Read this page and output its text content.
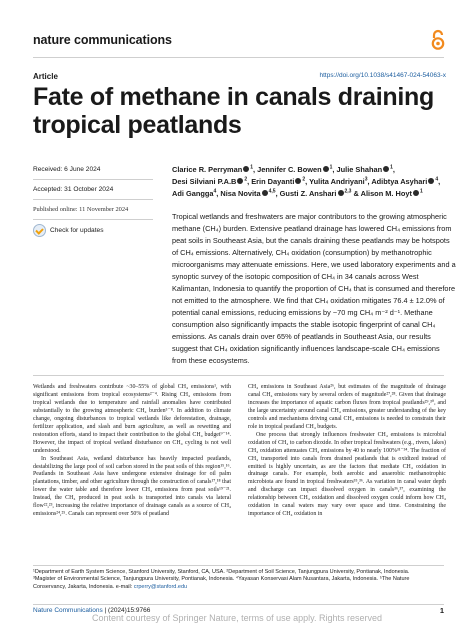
nature communications
Article	https://doi.org/10.1038/s41467-024-54063-x
Fate of methane in canals draining tropical peatlands
Received: 6 June 2024
Accepted: 31 October 2024
Published online: 11 November 2024
Check for updates

Clarice R. Perryman $^1$, Jennifer C. Bowen $^1$, Julie Shahan $^1$,
Desi Silviani P.A.B $^2$, Erin Dayanti $^2$, Yulita Andriyani$^3$, Adibtya Asyhari $^4$,
Adi Gangga$^4$, Nisa Novita $^{4,5}$, Gusti Z. Anshari $^{2,3}$ & Alison M. Hoyt $^1$

Tropical wetlands and freshwaters are major contributors to the growing atmospheric methane (CH₄) burden. Extensive peatland drainage has lowered CH₄ emissions from peat soils in Southeast Asia, but the canals draining these peatlands may be hotspots of CH₄ emissions. Alternatively, CH₄ oxidation (consumption) by methanotrophic microorganisms may attenuate emissions. Here, we used laboratory experiments and a synoptic survey of the isotopic composition of CH₄ in 34 canals across West Kalimantan, Indonesia to quantify the proportion of CH₄ that is consumed and therefore not emitted to the atmosphere. We find that CH₄ oxidation mitigates 76.4 ± 12.0% of potential canal emissions, reducing emissions by ~70 mg CH₄ m⁻² d⁻¹. Methane consumption also significantly impacts the stable isotopic fingerprint of canal CH₄ emissions. As canals drain over 65% of peatlands in Southeast Asia, our results suggest that CH₄ oxidation significantly influences landscape-scale CH₄ emissions from these ecosystems.

Wetlands and freshwaters contribute ~30–55% of global CH₄ emissions¹, with significant emissions from tropical ecosystems²⁻⁴. Rising CH₄ emissions from tropical wetlands due to temperature and rainfall anomalies have contributed substantially to the growing atmospheric CH₄ burden⁵⁻⁸. In addition to climate change, ongoing disturbances to tropical wetlands like deforestation, drainage, fertilizer application, and slash and burn agriculture, as well as rewetting and restoration efforts, stand to impact their contribution to the global CH₄ budget⁹⁻¹⁴. However, the impact of tropical wetland disturbance on CH₄ cycling is not well understood.

In Southeast Asia, wetland disturbance has heavily impacted peatlands, destabilizing the large pool of soil carbon stored in the peat soils of this region¹⁵,¹⁶. Peatlands in Southeast Asia have undergone extensive drainage for oil palm plantations, timber, and other agriculture through the construction of canals¹⁷,¹⁸ that lower the water table and therefore lower CH₄ emissions from peat soils¹⁹⁻²¹. Instead, the CH₄ produced in peat soils is transported into canals via lateral flow²²,²³, increasing the relative importance of drainage canals as a source of CH₄ emissions²⁴,²⁵. Canals can represent over 50% of peatland

CH₄ emissions in Southeast Asia²⁶, but estimates of the magnitude of drainage canal CH₄ emissions vary by several orders of magnitude²⁷,²⁸. Given that drainage increases the importance of aquatic carbon fluxes from tropical peatlands²⁹,³⁰, and the large uncertainty around canal CH₄ emissions, greater understanding of the key controls and mechanisms driving canal CH₄ emissions is needed to constrain their role in tropical peatland CH₄ budgets.

One process that strongly influences freshwater CH₄ emissions is microbial oxidation of CH₄ to carbon dioxide. In other tropical freshwaters (e.g., rivers, lakes) CH₄ oxidation attenuates CH₄ emissions by 40 to nearly 100%³¹⁻³⁴. The fraction of CH₄ transported into canals from drained peatlands that is oxidized instead of emitted is highly uncertain, as are the factors that mediate CH₄ oxidation in drainage canals. For example, both aerobic and anaerobic methanotrophic microbiota are found in tropical freshwaters³⁵,³⁶. As variation in canal water depth and discharge can impact dissolved oxygen in canals³⁶,³⁷, examining the relationship between CH₄ oxidation and dissolved oxygen could inform how CH₄ oxidation in canal waters may vary over space and time. Constraining the importance of CH₄ oxidation in

¹Department of Earth System Science, Stanford University, Stanford, CA, USA. ²Department of Soil Science, Tanjungpura University, Pontianak, Indonesia.
³Magister of Environmental Science, Tanjungpura University, Pontianak, Indonesia. ⁴Yayasan Konservasi Alam Nusantara, Jakarta, Indonesia. ⁵The Nature
Conservancy, Jakarta, Indonesia. e-mail: crperry@stanford.edu

Nature Communications | (2024)15:9766	1
Content courtesy of Springer Nature, terms of use apply. Rights reserved
